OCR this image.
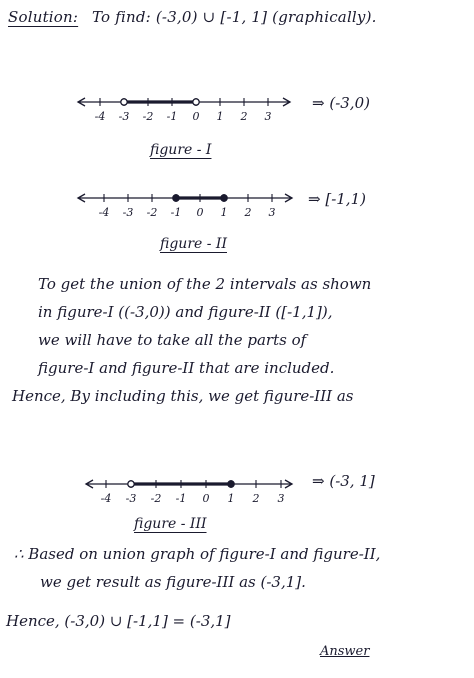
Solution: To find: (-3,0) ∪ [-1, 1] (graphically).
-4 -3 -2 -1 0 1 2 3
⇒ (-3,0)
figure - I
-4 -3 -2 -1 0 1 2 3
⇒ [-1,1)
figure - II
To get the union of the 2 intervals as shown
in figure-I ((-3,0)) and figure-II ([-1,1]),
we will have to take all the parts of
figure-I and figure-II that are included.
Hence, By including this, we get figure-III as
-4 -3 -2 -1 0 1 2 3
⇒ (-3, 1]
figure - III
∴ Based on union graph of figure-I and figure-II,
we get result as figure-III as (-3,1].
Hence, (-3,0) ∪ [-1,1] = (-3,1]
Answer
